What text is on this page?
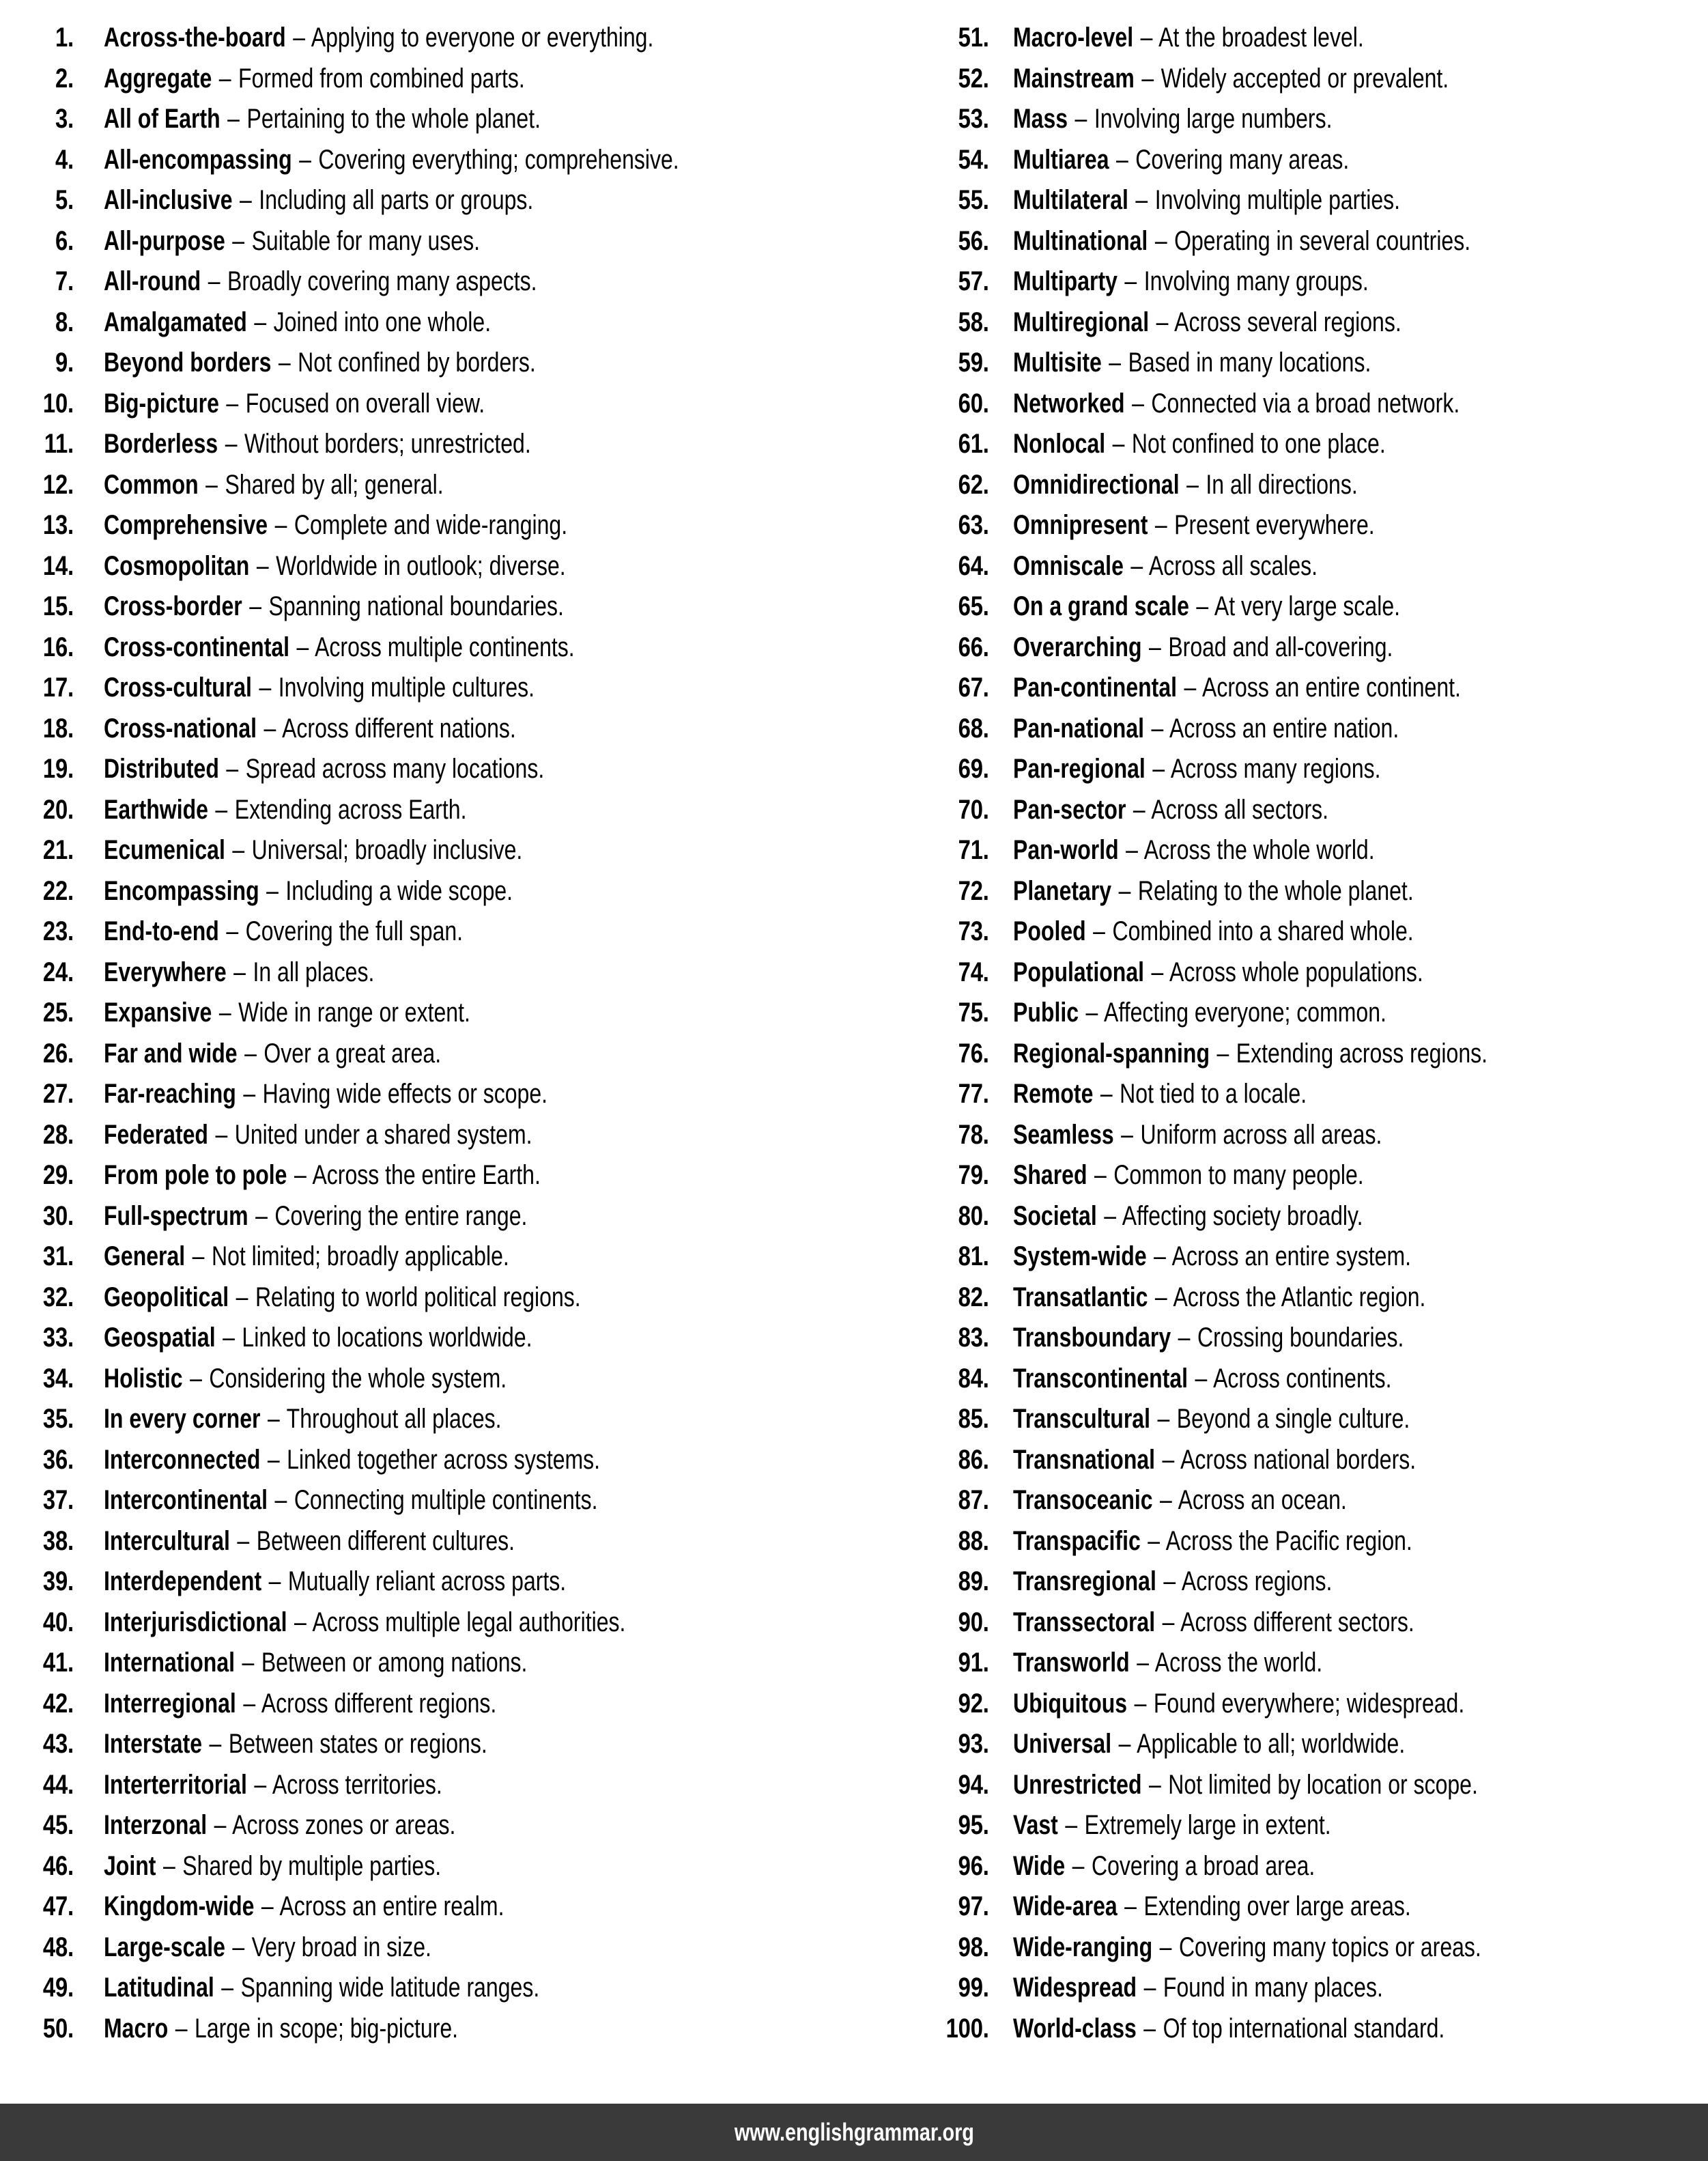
1. Across-the-board – Applying to everyone or everything.
2. Aggregate – Formed from combined parts.
3. All of Earth – Pertaining to the whole planet.
4. All-encompassing – Covering everything; comprehensive.
5. All-inclusive – Including all parts or groups.
6. All-purpose – Suitable for many uses.
7. All-round – Broadly covering many aspects.
8. Amalgamated – Joined into one whole.
9. Beyond borders – Not confined by borders.
10. Big-picture – Focused on overall view.
11. Borderless – Without borders; unrestricted.
12. Common – Shared by all; general.
13. Comprehensive – Complete and wide-ranging.
14. Cosmopolitan – Worldwide in outlook; diverse.
15. Cross-border – Spanning national boundaries.
16. Cross-continental – Across multiple continents.
17. Cross-cultural – Involving multiple cultures.
18. Cross-national – Across different nations.
19. Distributed – Spread across many locations.
20. Earthwide – Extending across Earth.
21. Ecumenical – Universal; broadly inclusive.
22. Encompassing – Including a wide scope.
23. End-to-end – Covering the full span.
24. Everywhere – In all places.
25. Expansive – Wide in range or extent.
26. Far and wide – Over a great area.
27. Far-reaching – Having wide effects or scope.
28. Federated – United under a shared system.
29. From pole to pole – Across the entire Earth.
30. Full-spectrum – Covering the entire range.
31. General – Not limited; broadly applicable.
32. Geopolitical – Relating to world political regions.
33. Geospatial – Linked to locations worldwide.
34. Holistic – Considering the whole system.
35. In every corner – Throughout all places.
36. Interconnected – Linked together across systems.
37. Intercontinental – Connecting multiple continents.
38. Intercultural – Between different cultures.
39. Interdependent – Mutually reliant across parts.
40. Interjurisdictional – Across multiple legal authorities.
41. International – Between or among nations.
42. Interregional – Across different regions.
43. Interstate – Between states or regions.
44. Interterritorial – Across territories.
45. Interzonal – Across zones or areas.
46. Joint – Shared by multiple parties.
47. Kingdom-wide – Across an entire realm.
48. Large-scale – Very broad in size.
49. Latitudinal – Spanning wide latitude ranges.
50. Macro – Large in scope; big-picture.
51. Macro-level – At the broadest level.
52. Mainstream – Widely accepted or prevalent.
53. Mass – Involving large numbers.
54. Multiarea – Covering many areas.
55. Multilateral – Involving multiple parties.
56. Multinational – Operating in several countries.
57. Multiparty – Involving many groups.
58. Multiregional – Across several regions.
59. Multisite – Based in many locations.
60. Networked – Connected via a broad network.
61. Nonlocal – Not confined to one place.
62. Omnidirectional – In all directions.
63. Omnipresent – Present everywhere.
64. Omniscale – Across all scales.
65. On a grand scale – At very large scale.
66. Overarching – Broad and all-covering.
67. Pan-continental – Across an entire continent.
68. Pan-national – Across an entire nation.
69. Pan-regional – Across many regions.
70. Pan-sector – Across all sectors.
71. Pan-world – Across the whole world.
72. Planetary – Relating to the whole planet.
73. Pooled – Combined into a shared whole.
74. Populational – Across whole populations.
75. Public – Affecting everyone; common.
76. Regional-spanning – Extending across regions.
77. Remote – Not tied to a locale.
78. Seamless – Uniform across all areas.
79. Shared – Common to many people.
80. Societal – Affecting society broadly.
81. System-wide – Across an entire system.
82. Transatlantic – Across the Atlantic region.
83. Transboundary – Crossing boundaries.
84. Transcontinental – Across continents.
85. Transcultural – Beyond a single culture.
86. Transnational – Across national borders.
87. Transoceanic – Across an ocean.
88. Transpacific – Across the Pacific region.
89. Transregional – Across regions.
90. Transsectoral – Across different sectors.
91. Transworld – Across the world.
92. Ubiquitous – Found everywhere; widespread.
93. Universal – Applicable to all; worldwide.
94. Unrestricted – Not limited by location or scope.
95. Vast – Extremely large in extent.
96. Wide – Covering a broad area.
97. Wide-area – Extending over large areas.
98. Wide-ranging – Covering many topics or areas.
99. Widespread – Found in many places.
100. World-class – Of top international standard.
www.englishgrammar.org
